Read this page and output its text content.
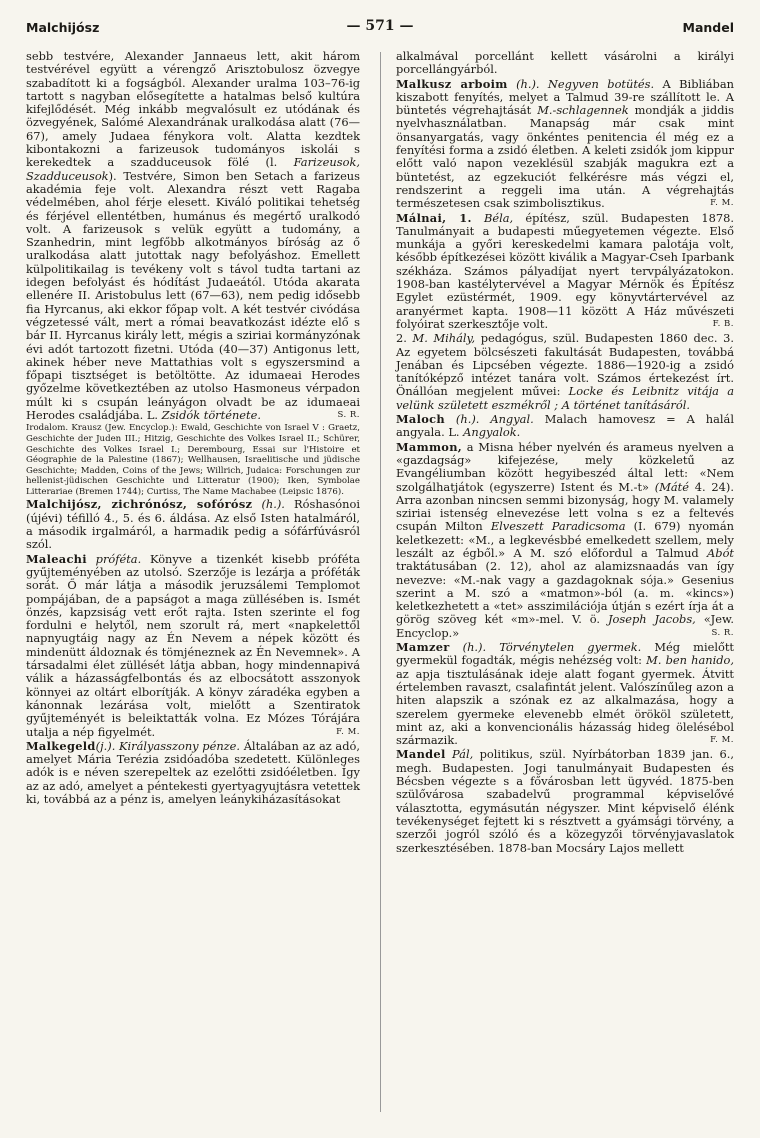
Malchijósz	— 571 —	Mandel

sebb testvére, Alexander Jannaeus lett, akit három testvérével együtt a vérengző Arisztobulosz özvegye szabadított ki a fogságból. Alexander uralma 103–76-ig tartott s nagyban elősegítette a hatalmas belső kultúra kifejlődését. Még inkább megvalósult ez utódának és özvegyének, Salómé Alexandrának uralkodása alatt (76—67), amely Judaea fénykora volt. Alatta kezdtek kibontakozni a farizeusok tudományos iskolái s kerekedtek a szadduceusok fölé (l. Farizeusok, Szadduceusok). Testvére, Simon ben Setach a farizeus akadémia feje volt. Alexandra részt vett Ragaba védelmében, ahol férje elesett. Kiváló politikai tehetség és férjével ellentétben, humánus és megértő uralkodó volt. A farizeusok s velük együtt a tudomány, a Szanhedrin, mint legfőbb alkotmányos bíróság az ő uralkodása alatt jutottak nagy befolyáshoz. Emellett külpolitikailag is tevékeny volt s távol tudta tartani az idegen befolyást és hódítást Judaeától. Utóda akarata ellenére II. Aristobulus lett (67—63), nem pedig idősebb fia Hyrcanus, aki ekkor főpap volt. A két testvér civódása végzetessé vált, mert a római beavatkozást idézte elő s bár II. Hyrcanus király lett, mégis a sziriai kormányzónak évi adót tartozott fizetni. Utóda (40—37) Antigonus lett, akinek héber neve Mattathias volt s egyszersmind a főpapi tisztséget is betöltötte. Az idumaeai Herodes győzelme következtében az utolso Hasmoneus vérpadon múlt ki s csupán leányágon olvadt be az idumaeai Herodes családjába. L. Zsidók története.	S. R.

Irodalom. Krausz (Jew. Encyclop.): Ewald, Geschichte von Israel V : Graetz, Geschichte der Juden III.; Hitzig, Geschichte des Volkes Israel II.; Schürer, Geschichte des Volkes Israel I.; Derembourg, Essai sur l'Histoire et Géographie de la Palestine (1867); Wellhausen, Israelitische und jüdische Geschichte; Madden, Coins of the Jews; Willrich, Judaica: Forschungen zur hellenist-jüdischen Geschichte und Litteratur (1900); Iken, Symbolae Litterariae (Bremen 1744); Curtiss, The Name Machabee (Leipsic 1876).

Malchijósz, zichrónósz, sofórósz (h.). Róshasónoi (újévi) téfilló 4., 5. és 6. áldása. Az első Isten hatalmáról, a második irgalmáról, a harmadik pedig a sófárfúvásról szól.

Maleachi próféta. Könyve a tizenkét kisebb próféta gyűjteményében az utolsó. Szerzője is lezárja a próféták sorát. Ő már látja a második jeruzsálemi Templomot pompájában, de a papságot a maga züllésében is. Ismét önzés, kapzsiság vett erőt rajta. Isten szerinte el fog fordulni e helytől, nem szorult rá, mert «napkelettől napnyugtáig nagy az Én Nevem a népek között és mindenütt áldoznak és tömjéneznek az Én Nevemnek». A társadalmi élet züllését látja abban, hogy mindennapivá válik a házasságfelbontás és az elbocsátott asszonyok könnyei az oltárt elborítják. A könyv záradéka egyben a kánonnak lezárása volt, mielőtt a Szentiratok gyűjteményét is beleiktatták volna. Ez Mózes Tórájára utalja a nép figyelmét.	F. M.

Malkegeld(j.). Királyasszony pénze. Általában az az adó, amelyet Mária Terézia zsidóadóba szedetett. Különleges adók is e néven szerepeltek az ezelőtti zsidóéletben. Így az az adó, amelyet a péntekesti gyertyagyujtásra vetettek ki, továbbá az a pénz is, amelyen leánykiházasításokat

alkalmával porcellánt kellett vásárolni a királyi porcellángyárból.

Malkusz arboim (h.). Negyven botütés. A Bibliában kiszabott fenyítés, melyet a Talmud 39-re szállított le. A büntetés végrehajtását M.-schlagennek mondják a jiddis nyelvhasználatban. Manapság már csak mint önsanyargatás, vagy önkéntes penitencia él még ez a fenyítési forma a zsidó életben. A keleti zsidók jom kippur előtt való napon vezeklésül szabják magukra ezt a büntetést, az egzekuciót felkérésre más végzi el, rendszerint a reggeli ima után. A végrehajtás természetesen csak szimbolisztikus.	F. M.

Málnai, 1. Béla, építész, szül. Budapesten 1878. Tanulmányait a budapesti műegyetemen végezte. Első munkája a győri kereskedelmi kamara palotája volt, később építkezései között kiválik a Magyar-Cseh Iparbank székháza. Számos pályadíjat nyert tervpályázatokon. 1908-ban kastélytervével a Magyar Mérnök és Építész Egylet ezüstérmét, 1909. egy könyvtártervével az aranyérmet kapta. 1908—11 között A Ház művészeti folyóirat szerkesztője volt.	F. B.

2. M. Mihály, pedagógus, szül. Budapesten 1860 dec. 3. Az egyetem bölcsészeti fakultását Budapesten, továbbá Jenában és Lipcsében végezte. 1886—1920-ig a zsidó tanítóképző intézet tanára volt. Számos értekezést írt. Önállóan megjelent művei: Locke és Leibnitz vitája a velünk született eszmékről ; A történet tanításáról.

Maloch (h.). Angyal. Malach hamovesz = A halál angyala. L. Angyalok.

Mammon, a Misna héber nyelvén és arameus nyelven a «gazdagság» kifejezése, mely közkeletű az Evangéliumban között hegyibeszéd által lett: «Nem szolgálhatjátok (egyszerre) Istent és M.-t» (Máté 4. 24). Arra azonban nincsen semmi bizonyság, hogy M. valamely sziriai istenség elnevezése lett volna s ez a feltevés csupán Milton Elveszett Paradicsoma (I. 679) nyomán keletkezett: «M., a legkevésbbé emelkedett szellem, mely leszált az égből.» A M. szó előfordul a Talmud Abót traktátusában (2. 12), ahol az alamizsnaadás van így nevezve: «M.-nak vagy a gazdagoknak sója.» Gesenius szerint a M. szó a «matmon»-ból (a. m. «kincs») keletkezhetett a «tet» asszimilációja útján s ezért írja át a görög szöveg két «m»-mel. V. ö. Joseph Jacobs, «Jew. Encyclop.»	S. R.

Mamzer (h.). Törvénytelen gyermek. Még mielőtt gyermekül fogadták, mégis nehézség volt: M. ben hanido, az apja tisztulásának ideje alatt fogant gyermek. Átvitt értelemben ravaszt, csalafintát jelent. Valószínűleg azon a hiten alapszik a szónak ez az alkalmazása, hogy a szerelem gyermeke elevenebb elmét örököl született, mint az, aki a konvencionális házasság hideg ölelésébol származik.	F. M.

Mandel Pál, politikus, szül. Nyírbátorban 1839 jan. 6., megh. Budapesten. Jogi tanulmányait Budapesten és Bécsben végezte s a fővárosban lett ügyvéd. 1875-ben szülővárosa szabadelvű programmal képviselővé választotta, egymásután négyszer. Mint képviselő élénk tevékenységet fejtett ki s résztvett a gyámsági törvény, a szerzői jogról szóló és a közegyzői törvényjavaslatok szerkesztésében. 1878-ban Mocsáry Lajos mellett
